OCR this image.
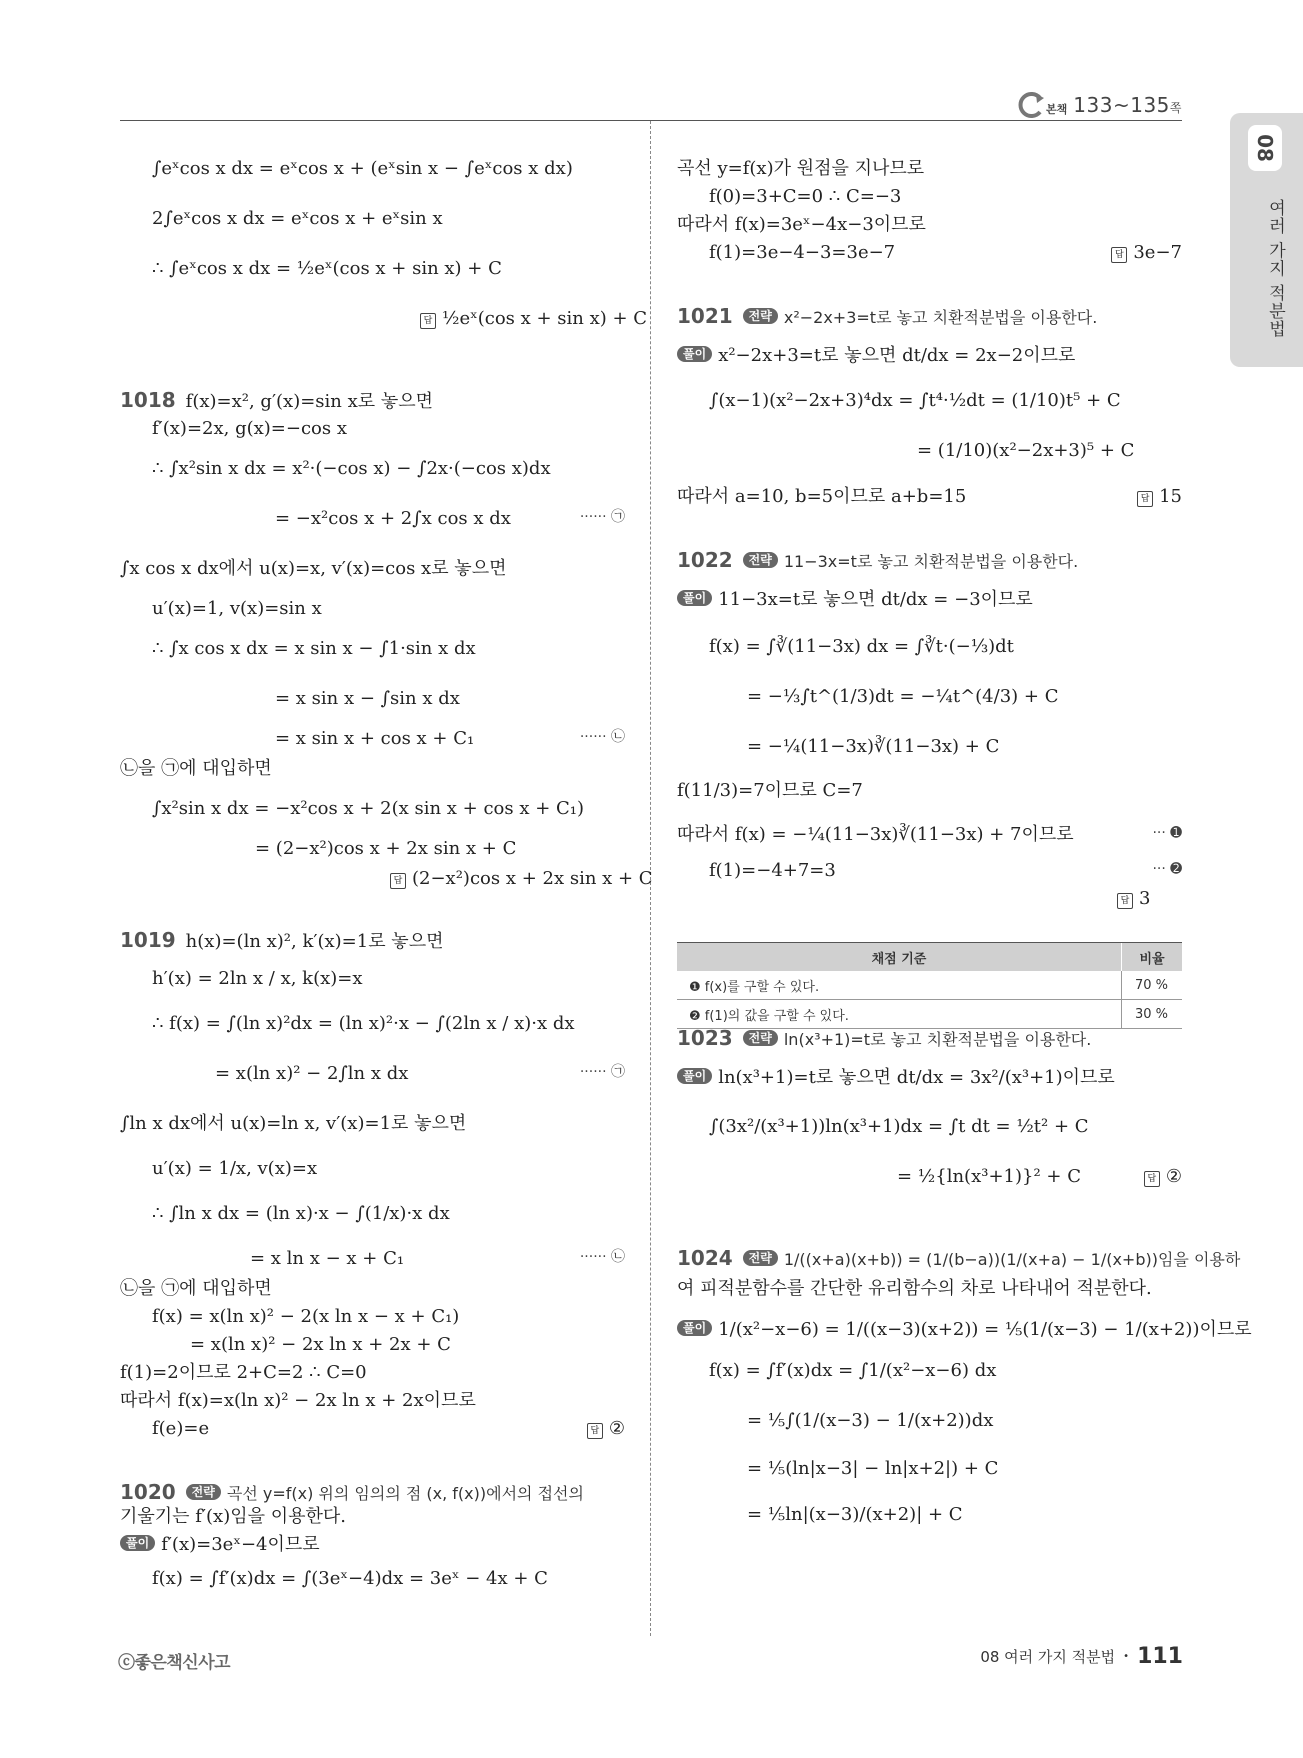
본책 133~135쪽
08
여러 가지 적분법
∫eˣcos x dx = eˣcos x + (eˣsin x − ∫eˣcos x dx)
2∫eˣcos x dx = eˣcos x + eˣsin x
∴ ∫eˣcos x dx = ½eˣ(cos x + sin x) + C
답 ½eˣ(cos x + sin x) + C
1018 f(x)=x², g′(x)=sin x로 놓으면
f′(x)=2x, g(x)=−cos x
∴ ∫x²sin x dx = x²·(−cos x) − ∫2x·(−cos x)dx
= −x²cos x + 2∫x cos x dx	······ ㉠
∫x cos x dx에서 u(x)=x, v′(x)=cos x로 놓으면
u′(x)=1, v(x)=sin x
∴ ∫x cos x dx = x sin x − ∫1·sin x dx
= x sin x − ∫sin x dx
= x sin x + cos x + C₁	······ ㉡
㉡을 ㉠에 대입하면
∫x²sin x dx = −x²cos x + 2(x sin x + cos x + C₁)
= (2−x²)cos x + 2x sin x + C
답 (2−x²)cos x + 2x sin x + C
1019 h(x)=(ln x)², k′(x)=1로 놓으면
h′(x) = 2ln x / x, k(x)=x
∴ f(x) = ∫(ln x)²dx = (ln x)²·x − ∫(2ln x / x)·x dx
= x(ln x)² − 2∫ln x dx	······ ㉠
∫ln x dx에서 u(x)=ln x, v′(x)=1로 놓으면
u′(x) = 1/x, v(x)=x
∴ ∫ln x dx = (ln x)·x − ∫(1/x)·x dx
= x ln x − x + C₁	······ ㉡
㉡을 ㉠에 대입하면
f(x) = x(ln x)² − 2(x ln x − x + C₁)
= x(ln x)² − 2x ln x + 2x + C
f(1)=2이므로 2+C=2 ∴ C=0
따라서 f(x)=x(ln x)² − 2x ln x + 2x이므로
f(e)=e	답 ②
1020 전략 곡선 y=f(x) 위의 임의의 점 (x, f(x))에서의 접선의
기울기는 f′(x)임을 이용한다.
풀이 f′(x)=3eˣ−4이므로
f(x) = ∫f′(x)dx = ∫(3eˣ−4)dx = 3eˣ − 4x + C
곡선 y=f(x)가 원점을 지나므로
f(0)=3+C=0 ∴ C=−3
따라서 f(x)=3eˣ−4x−3이므로
f(1)=3e−4−3=3e−7	답 3e−7
1021 전략 x²−2x+3=t로 놓고 치환적분법을 이용한다.
풀이 x²−2x+3=t로 놓으면 dt/dx = 2x−2이므로
∫(x−1)(x²−2x+3)⁴dx = ∫t⁴·½dt = (1/10)t⁵ + C
= (1/10)(x²−2x+3)⁵ + C
따라서 a=10, b=5이므로 a+b=15	답 15
1022 전략 11−3x=t로 놓고 치환적분법을 이용한다.
풀이 11−3x=t로 놓으면 dt/dx = −3이므로
f(x) = ∫∛(11−3x) dx = ∫∛t·(−⅓)dt
= −⅓∫t^(1/3)dt = −¼t^(4/3) + C
= −¼(11−3x)∛(11−3x) + C
f(11/3)=7이므로 C=7
따라서 f(x) = −¼(11−3x)∛(11−3x) + 7이므로	··· ➊
f(1)=−4+7=3	··· ➋
답 3
1023 전략 ln(x³+1)=t로 놓고 치환적분법을 이용한다.
풀이 ln(x³+1)=t로 놓으면 dt/dx = 3x²/(x³+1)이므로
∫(3x²/(x³+1))ln(x³+1)dx = ∫t dt = ½t² + C
= ½{ln(x³+1)}² + C	답 ②
1024 전략 1/((x+a)(x+b)) = (1/(b−a))(1/(x+a) − 1/(x+b))임을 이용하
여 피적분함수를 간단한 유리함수의 차로 나타내어 적분한다.
풀이 1/(x²−x−6) = 1/((x−3)(x+2)) = ⅕(1/(x−3) − 1/(x+2))이므로
f(x) = ∫f′(x)dx = ∫1/(x²−x−6) dx
= ⅕∫(1/(x−3) − 1/(x+2))dx
= ⅕(ln|x−3| − ln|x+2|) + C
= ⅕ln|(x−3)/(x+2)| + C
채점 기준	비율
❶ f(x)를 구할 수 있다.	70 %
❷ f(1)의 값을 구할 수 있다.	30 %
ⓒ좋은책신사고	08 여러 가지 적분법 • 111
